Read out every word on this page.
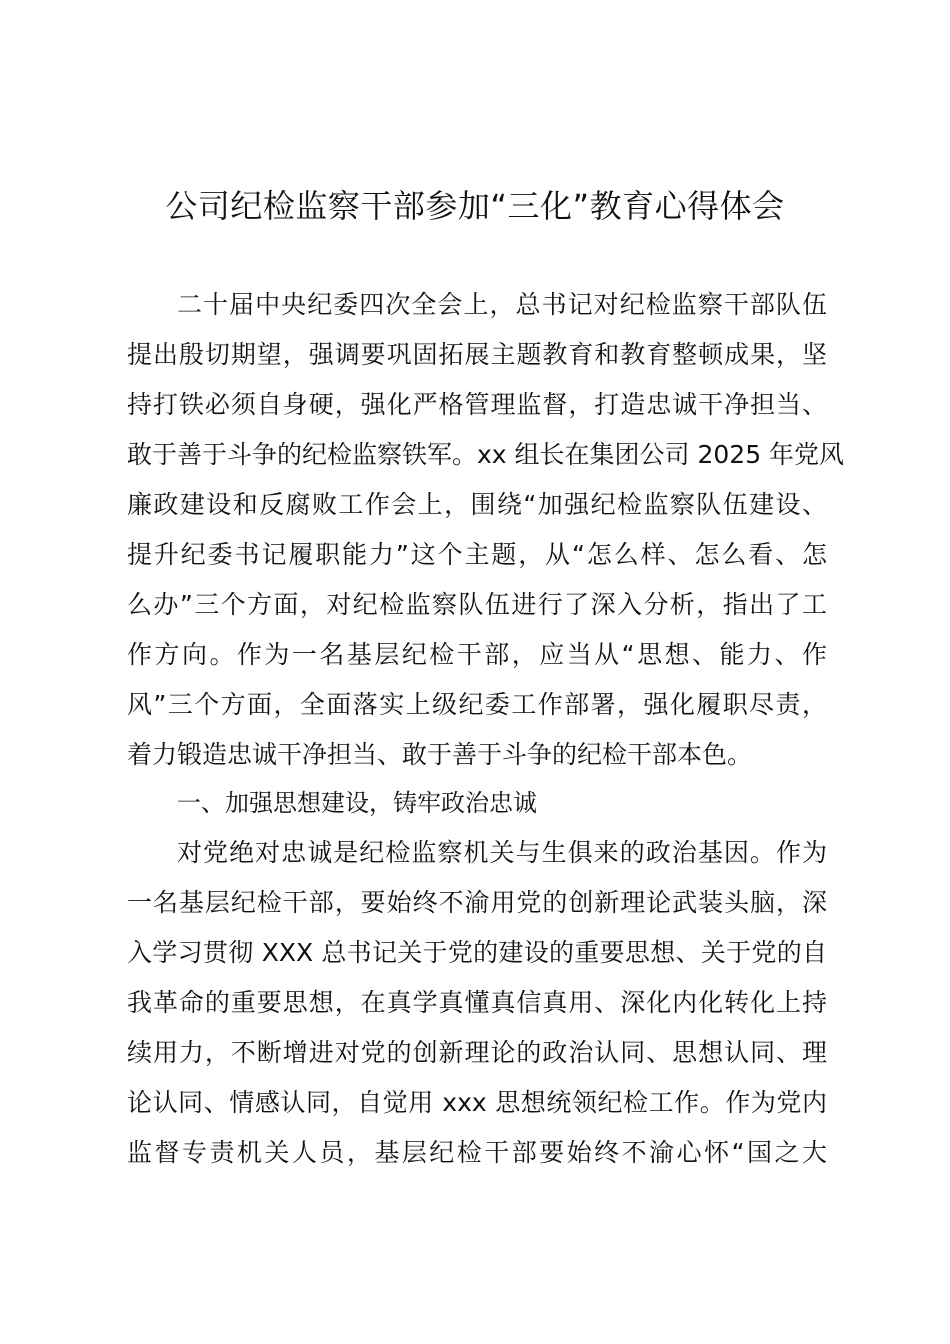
公司纪检监察干部参加“三化”教育心得体会

二十届中央纪委四次全会上，总书记对纪检监察干部队伍

提出殷切期望，强调要巩固拓展主题教育和教育整顿成果，坚

持打铁必须自身硬，强化严格管理监督，打造忠诚干净担当、

敢于善于斗争的纪检监察铁军。xx 组长在集团公司 2025 年党风

廉政建设和反腐败工作会上，围绕“加强纪检监察队伍建设、

提升纪委书记履职能力”这个主题，从“怎么样、怎么看、怎

么办”三个方面，对纪检监察队伍进行了深入分析，指出了工

作方向。作为一名基层纪检干部，应当从“思想、能力、作

风”三个方面，全面落实上级纪委工作部署，强化履职尽责，

着力锻造忠诚干净担当、敢于善于斗争的纪检干部本色。

一、加强思想建设，铸牢政治忠诚

对党绝对忠诚是纪检监察机关与生俱来的政治基因。作为

一名基层纪检干部，要始终不渝用党的创新理论武装头脑，深

入学习贯彻 XXX 总书记关于党的建设的重要思想、关于党的自

我革命的重要思想，在真学真懂真信真用、深化内化转化上持

续用力，不断增进对党的创新理论的政治认同、思想认同、理

论认同、情感认同，自觉用 xxx 思想统领纪检工作。作为党内

监督专责机关人员，基层纪检干部要始终不渝心怀“国之大
